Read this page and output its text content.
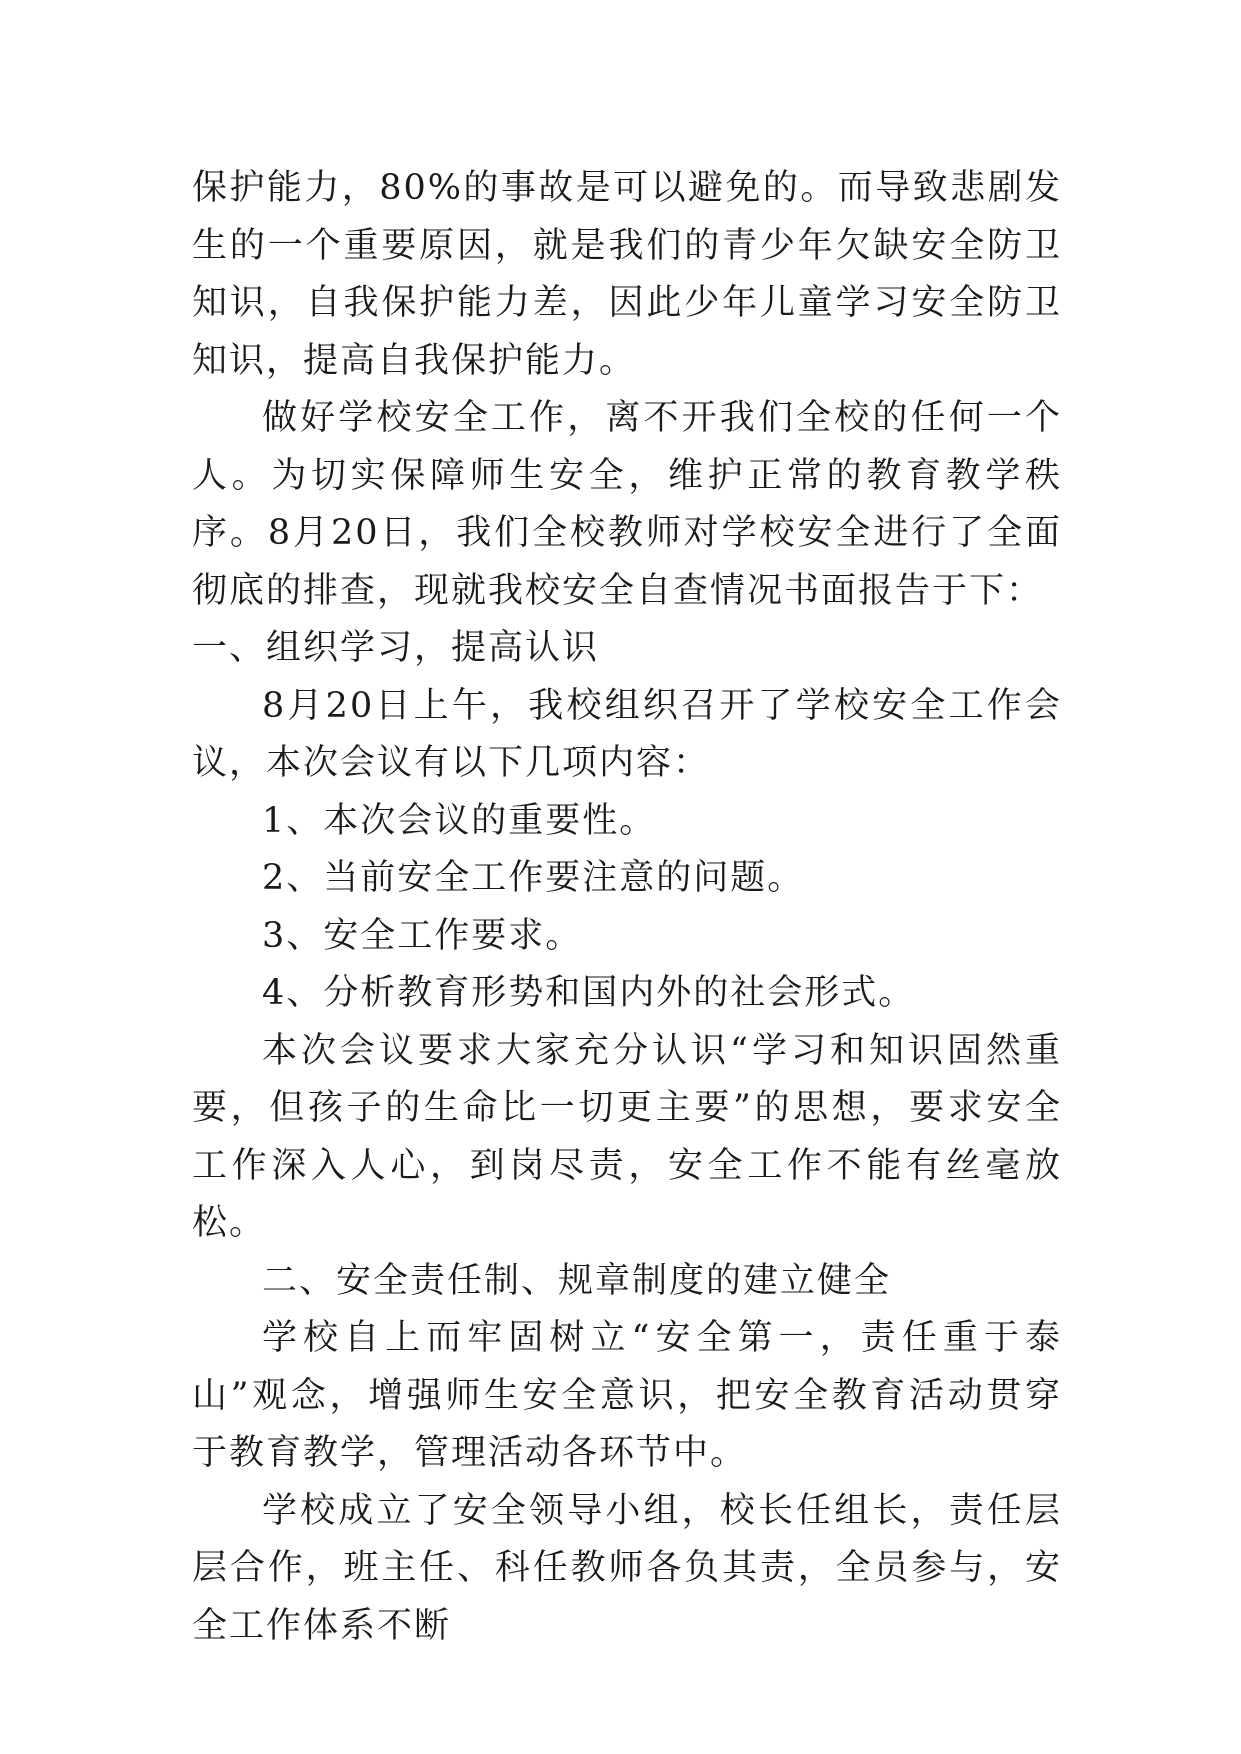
保护能力，80%的事故是可以避免的。而导致悲剧发生的一个重要原因，就是我们的青少年欠缺安全防卫知识，自我保护能力差，因此少年儿童学习安全防卫知识，提高自我保护能力。

做好学校安全工作，离不开我们全校的任何一个人。为切实保障师生安全，维护正常的教育教学秩序。8月20日，我们全校教师对学校安全进行了全面彻底的排查，现就我校安全自查情况书面报告于下：

一、组织学习，提高认识

8月20日上午，我校组织召开了学校安全工作会议，本次会议有以下几项内容：

1、本次会议的重要性。

2、当前安全工作要注意的问题。

3、安全工作要求。

4、分析教育形势和国内外的社会形式。

本次会议要求大家充分认识“学习和知识固然重要，但孩子的生命比一切更主要”的思想，要求安全工作深入人心，到岗尽责，安全工作不能有丝毫放松。

二、安全责任制、规章制度的建立健全

学校自上而牢固树立“安全第一，责任重于泰山”观念，增强师生安全意识，把安全教育活动贯穿于教育教学，管理活动各环节中。

学校成立了安全领导小组，校长任组长，责任层层合作，班主任、科任教师各负其责，全员参与，安全工作体系不断
